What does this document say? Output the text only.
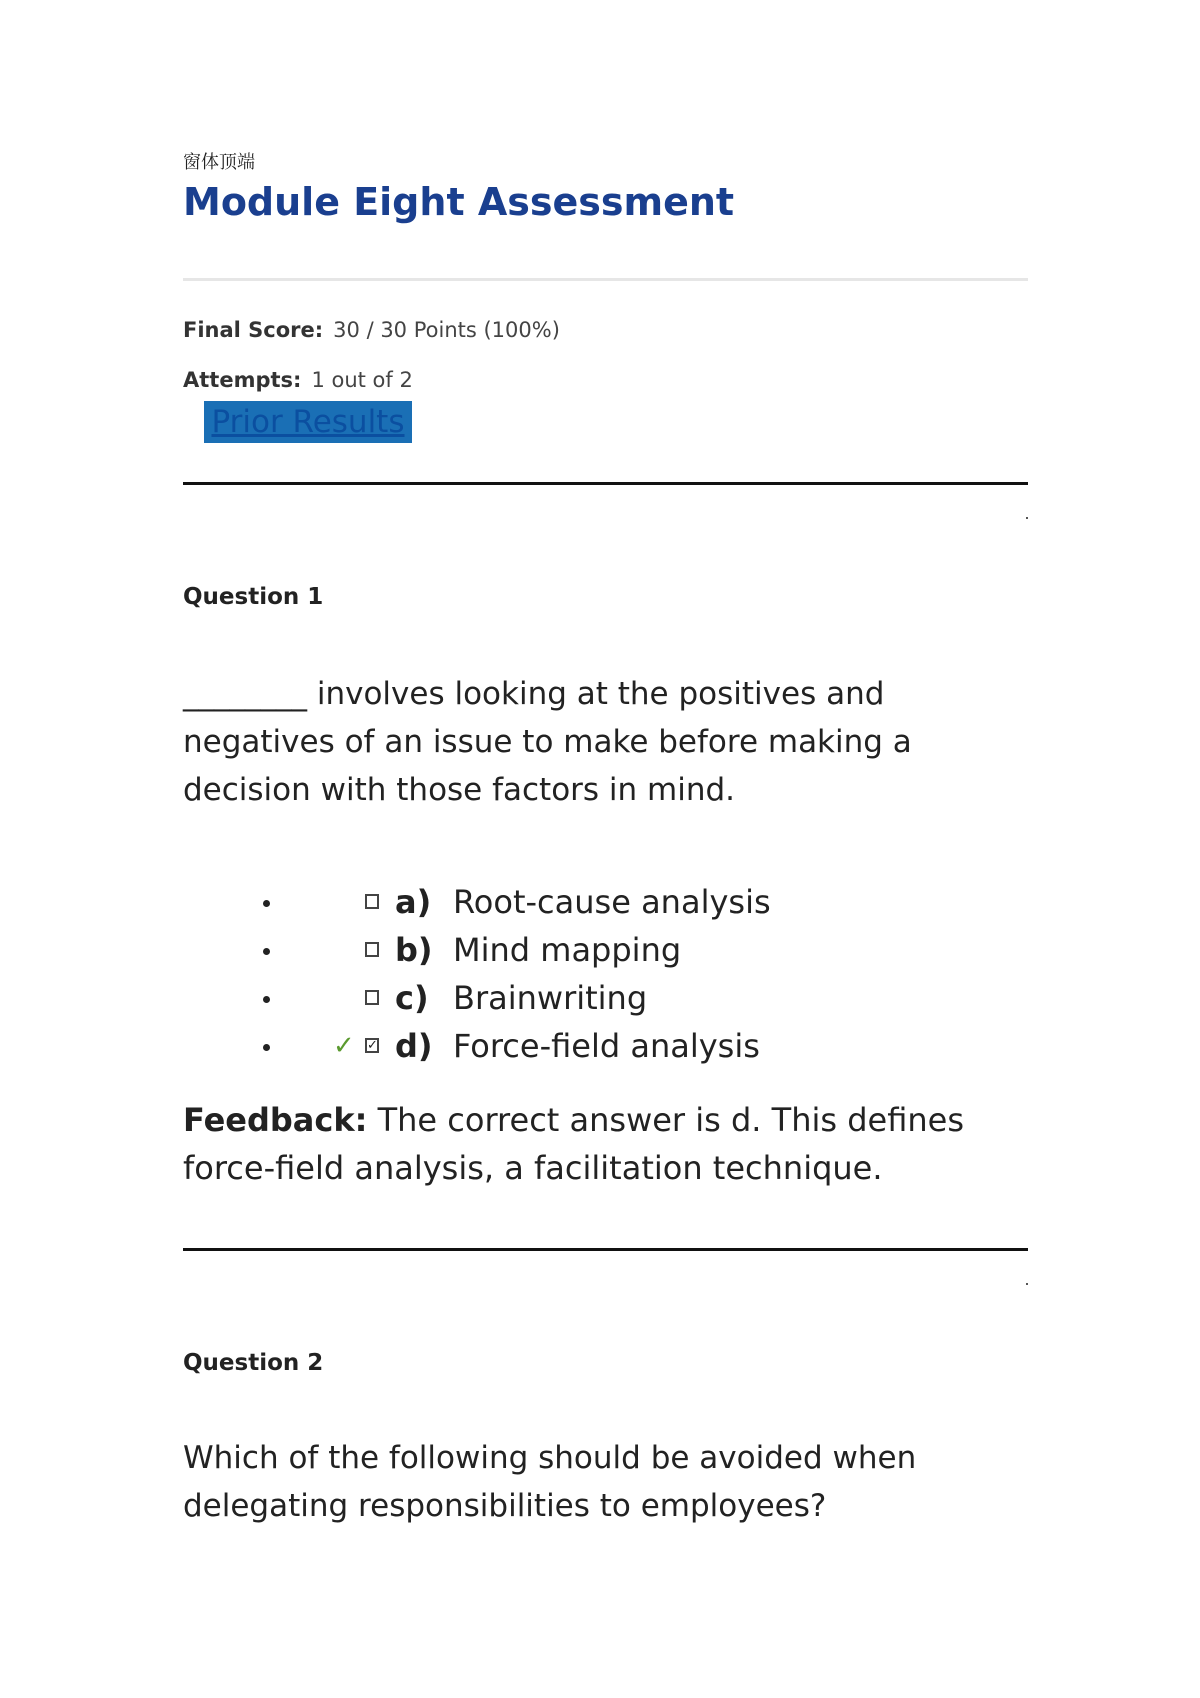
窗体顶端
Module Eight Assessment
Final Score: 30 / 30 Points (100%)
Attempts: 1 out of 2
Prior Results
Question 1

________ involves looking at the positives and negatives of an issue to make before making a decision with those factors in mind.

a) Root-cause analysis
b) Mind mapping
c) Brainwriting
✓ ✓ d) Force-field analysis

Feedback: The correct answer is d. This defines force-field analysis, a facilitation technique.

Question 2

Which of the following should be avoided when delegating responsibilities to employees?
